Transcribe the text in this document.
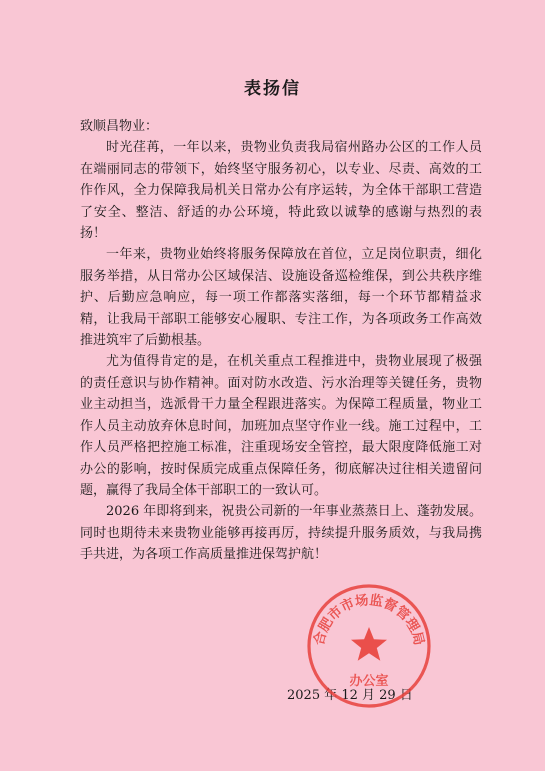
表扬信

致顺昌物业：

时光荏苒，一年以来，贵物业负责我局宿州路办公区的工作人员在端丽同志的带领下，始终坚守服务初心，以专业、尽责、高效的工作作风，全力保障我局机关日常办公有序运转，为全体干部职工营造了安全、整洁、舒适的办公环境，特此致以诚挚的感谢与热烈的表扬！

一年来，贵物业始终将服务保障放在首位，立足岗位职责，细化服务举措，从日常办公区域保洁、设施设备巡检维保，到公共秩序维护、后勤应急响应，每一项工作都落实落细，每一个环节都精益求精，让我局干部职工能够安心履职、专注工作，为各项政务工作高效推进筑牢了后勤根基。

尤为值得肯定的是，在机关重点工程推进中，贵物业展现了极强的责任意识与协作精神。面对防水改造、污水治理等关键任务，贵物业主动担当，选派骨干力量全程跟进落实。为保障工程质量，物业工作人员主动放弃休息时间，加班加点坚守作业一线。施工过程中，工作人员严格把控施工标准，注重现场安全管控，最大限度降低施工对办公的影响，按时保质完成重点保障任务，彻底解决过往相关遗留问题，赢得了我局全体干部职工的一致认可。

2026 年即将到来，祝贵公司新的一年事业蒸蒸日上、蓬勃发展。同时也期待未来贵物业能够再接再厉，持续提升服务质效，与我局携手共进，为各项工作高质量推进保驾护航！

2025 年 12 月 29 日
合肥市市场监督管理局
办公室
